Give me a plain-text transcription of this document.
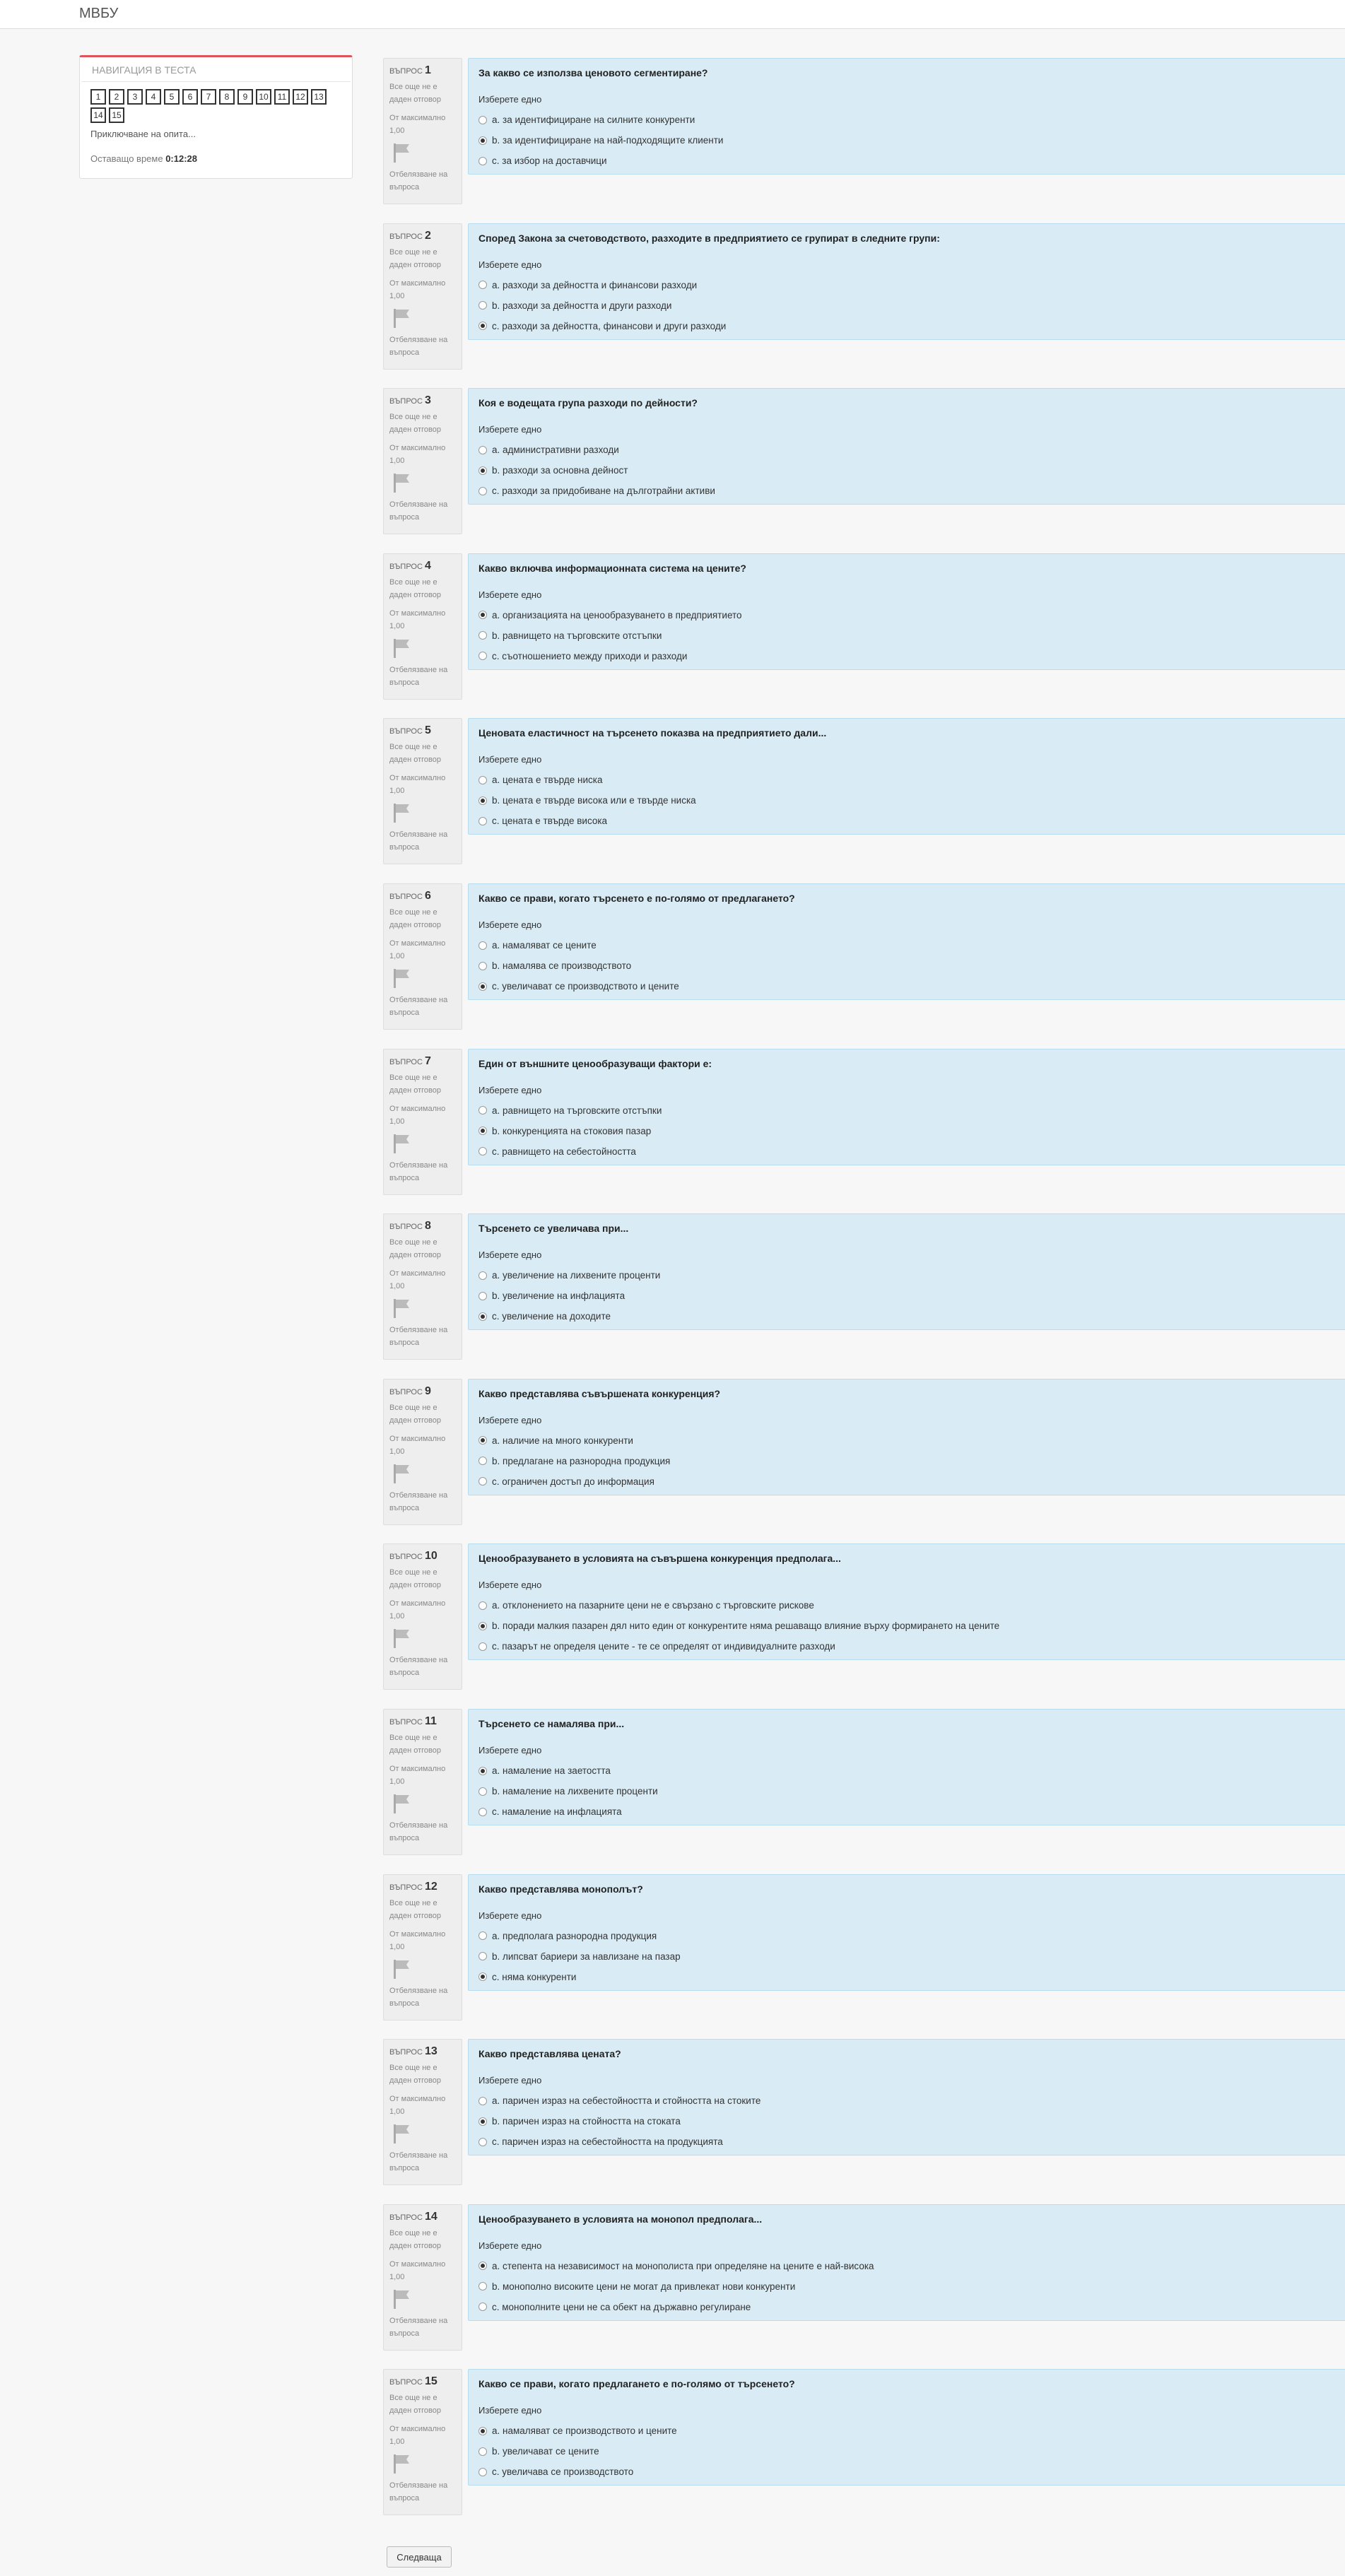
МВБУ
НАВИГАЦИЯ В ТЕСТА
1 2 3 4 5 6 7 8 9 10 11 12 1314 15
Приключване на опита...
Оставащо време 0:12:28
ВЪПРОС 1
Все още не е даден отговор
От максимално 1,00
Отбелязване на въпроса
За какво се използва ценовото сегментиране?
Изберете едно
a. за идентифициране на силните конкуренти
b. за идентифициране на най-подходящите клиенти
c. за избор на доставчици
ВЪПРОС 2
Все още не е даден отговор
От максимално 1,00
Отбелязване на въпроса
Според Закона за счетоводството, разходите в предприятието се групират в следните групи:
Изберете едно
a. разходи за дейността и финансови разходи
b. разходи за дейността и други разходи
c. разходи за дейността, финансови и други разходи
ВЪПРОС 3
Все още не е даден отговор
От максимално 1,00
Отбелязване на въпроса
Коя е водещата група разходи по дейности?
Изберете едно
a. административни разходи
b. разходи за основна дейност
c. разходи за придобиване на дълготрайни активи
ВЪПРОС 4
Все още не е даден отговор
От максимално 1,00
Отбелязване на въпроса
Какво включва информационната система на цените?
Изберете едно
a. организацията на ценообразуването в предприятието
b. равнището на търговските отстъпки
c. съотношението между приходи и разходи
ВЪПРОС 5
Все още не е даден отговор
От максимално 1,00
Отбелязване на въпроса
Ценовата еластичност на търсенето показва на предприятието дали...
Изберете едно
a. цената е твърде ниска
b. цената е твърде висока или е твърде ниска
c. цената е твърде висока
ВЪПРОС 6
Все още не е даден отговор
От максимално 1,00
Отбелязване на въпроса
Какво се прави, когато търсенето е по-голямо от предлагането?
Изберете едно
a. намаляват се цените
b. намалява се производството
c. увеличават се производството и цените
ВЪПРОС 7
Все още не е даден отговор
От максимално 1,00
Отбелязване на въпроса
Един от външните ценообразуващи фактори е:
Изберете едно
a. равнището на търговските отстъпки
b. конкуренцията на стоковия пазар
c. равнището на себестойността
ВЪПРОС 8
Все още не е даден отговор
От максимално 1,00
Отбелязване на въпроса
Търсенето се увеличава при...
Изберете едно
a. увеличение на лихвените проценти
b. увеличение на инфлацията
c. увеличение на доходите
ВЪПРОС 9
Все още не е даден отговор
От максимално 1,00
Отбелязване на въпроса
Какво представлява съвършената конкуренция?
Изберете едно
a. наличие на много конкуренти
b. предлагане на разнородна продукция
c. ограничен достъп до информация
ВЪПРОС 10
Все още не е даден отговор
От максимално 1,00
Отбелязване на въпроса
Ценообразуването в условията на съвършена конкуренция предполага...
Изберете едно
a. отклонението на пазарните цени не е свързано с търговските рискове
b. поради малкия пазарен дял нито един от конкурентите няма решаващо влияние върху формирането на цените
c. пазарът не определя цените - те се определят от индивидуалните разходи
ВЪПРОС 11
Все още не е даден отговор
От максимално 1,00
Отбелязване на въпроса
Търсенето се намалява при...
Изберете едно
a. намаление на заетостта
b. намаление на лихвените проценти
c. намаление на инфлацията
ВЪПРОС 12
Все още не е даден отговор
От максимално 1,00
Отбелязване на въпроса
Какво представлява монополът?
Изберете едно
a. предполага разнородна продукция
b. липсват бариери за навлизане на пазар
c. няма конкуренти
ВЪПРОС 13
Все още не е даден отговор
От максимално 1,00
Отбелязване на въпроса
Какво представлява цената?
Изберете едно
a. паричен израз на себестойността и стойността на стоките
b. паричен израз на стойността на стоката
c. паричен израз на себестойността на продукцията
ВЪПРОС 14
Все още не е даден отговор
От максимално 1,00
Отбелязване на въпроса
Ценообразуването в условията на монопол предполага...
Изберете едно
a. степента на независимост на монополиста при определяне на цените е най-висока
b. монополно високите цени не могат да привлекат нови конкуренти
c. монополните цени не са обект на държавно регулиране
ВЪПРОС 15
Все още не е даден отговор
От максимално 1,00
Отбелязване на въпроса
Какво се прави, когато предлагането е по-голямо от търсенето?
Изберете едно
a. намаляват се производството и цените
b. увеличават се цените
c. увеличава се производството
Следваща
